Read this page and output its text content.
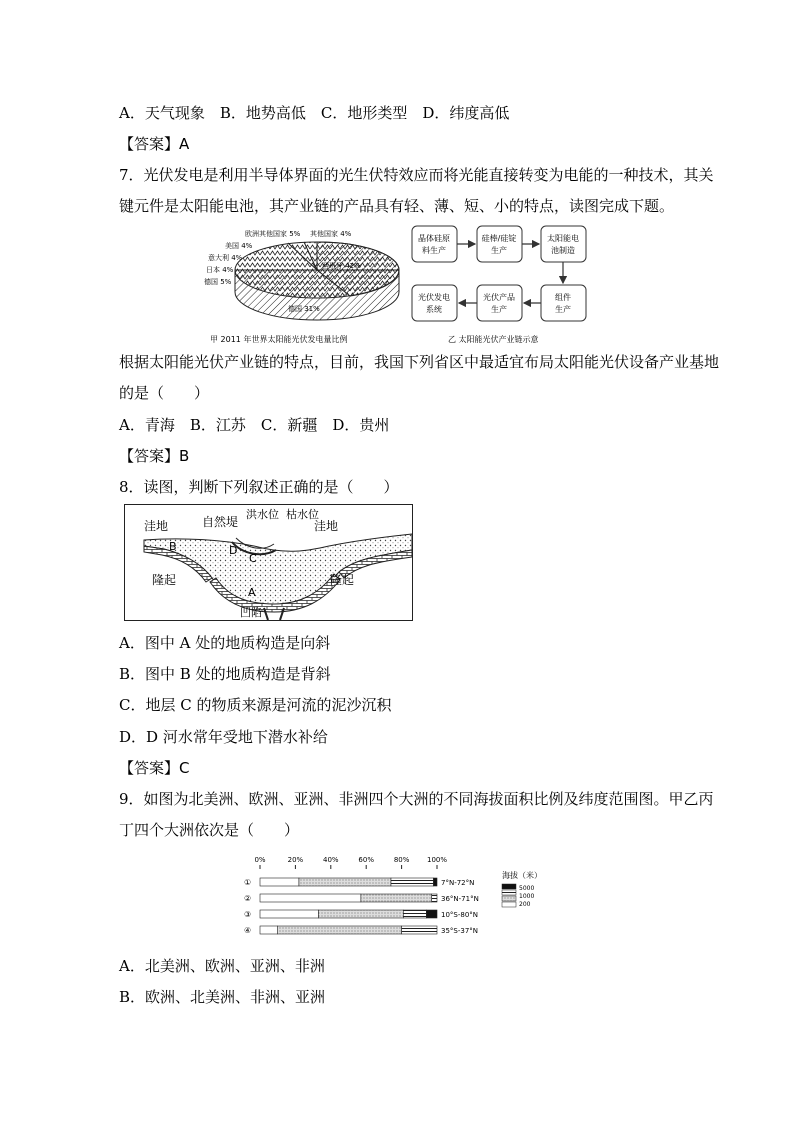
A．天气现象　B．地势高低　C．地形类型　D．纬度高低
【答案】A
7．光伏发电是利用半导体界面的光生伏特效应而将光能直接转变为电能的一种技术，其关
键元件是太阳能电池，其产业链的产品具有轻、薄、短、小的特点，读图完成下题。
欧洲其他国家 5% 其他国家 4%
美国 4%
意大利 4%
日本 4%
德国 5%
西班牙 42%
德国 31%
甲 2011 年世界太阳能光伏发电量比例
晶体硅原
料生产
硅棒/硅锭
生产
太阳能电
池制造
组件
生产
光伏产品
生产
光伏发电
系统
乙 太阳能光伏产业链示意
根据太阳能光伏产业链的特点，目前，我国下列省区中最适宜布局太阳能光伏设备产业基地
的是（　　）
A．青海　B．江苏　C．新疆　D．贵州
【答案】B
8．读图，判断下列叙述正确的是（　　）
洼地	自然堤
洪水位 枯水位
洼地
B	D
C
隆起	隆起
A
凹陷
A．图中 A 处的地质构造是向斜
B．图中 B 处的地质构造是背斜
C．地层 C 的物质来源是河流的泥沙沉积
D．D 河水常年受地下潜水补给
【答案】C
9．如图为北美洲、欧洲、亚洲、非洲四个大洲的不同海拔面积比例及纬度范围图。甲乙丙
丁四个大洲依次是（　　）
0%	20%	40%	60%	80%	100%
①	7°N-72°N
②	36°N-71°N
③	10°S-80°N
④	35°S-37°N
海拔（米）
5000
1000
200
A．北美洲、欧洲、亚洲、非洲
B．欧洲、北美洲、非洲、亚洲
